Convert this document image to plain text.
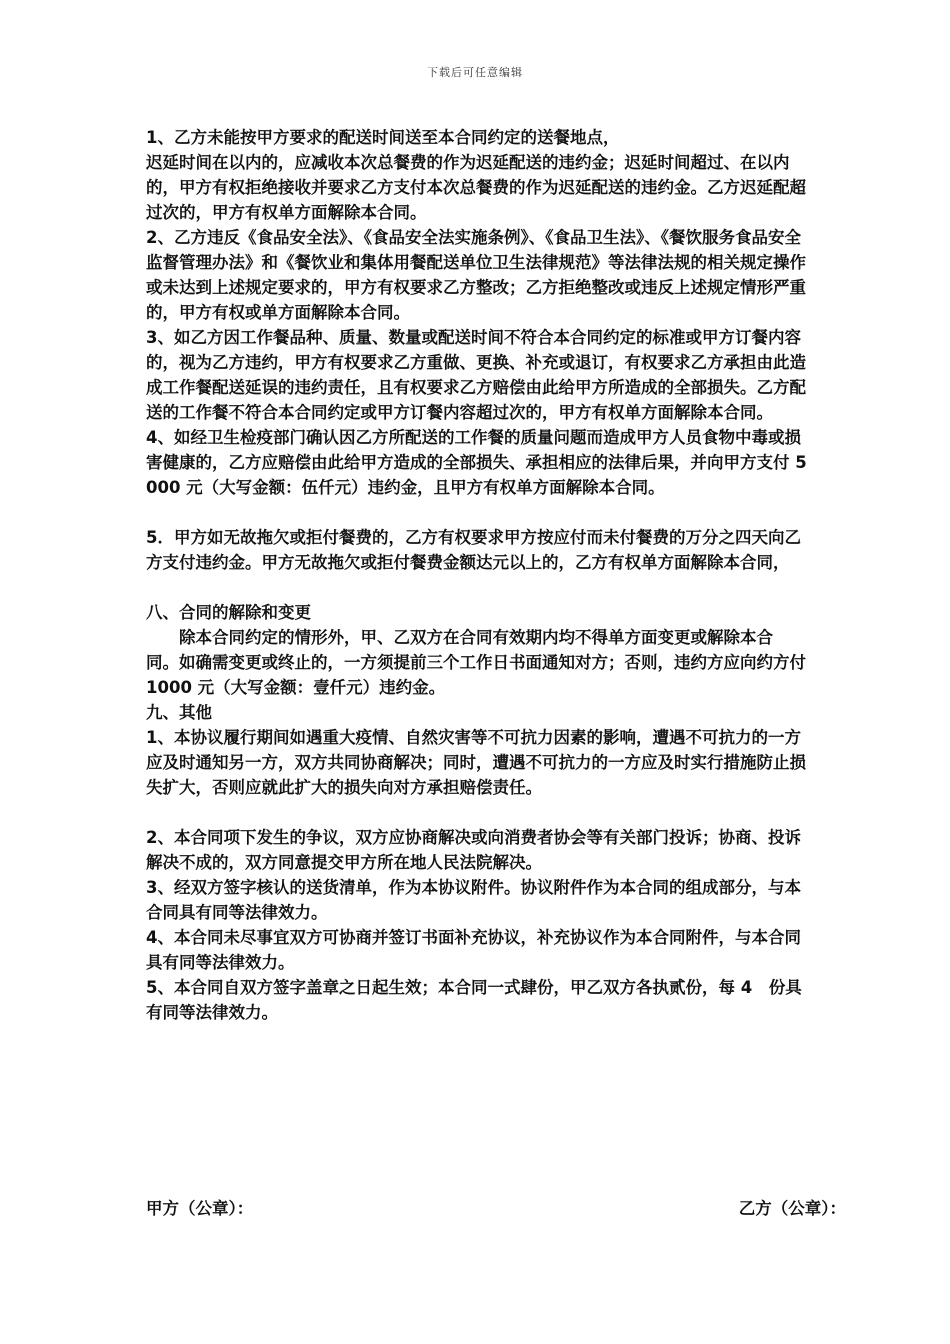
下载后可任意编辑

1、乙方未能按甲方要求的配送时间送至本合同约定的送餐地点，

迟延时间在以内的，应减收本次总餐费的作为迟延配送的违约金；迟延时间超过、在以内的，甲方有权拒绝接收并要求乙方支付本次总餐费的作为迟延配送的违约金。乙方迟延配超过次的，甲方有权单方面解除本合同。

2、乙方违反《食品安全法》、《食品安全法实施条例》、《食品卫生法》、《餐饮服务食品安全监督管理办法》和《餐饮业和集体用餐配送单位卫生法律规范》等法律法规的相关规定操作或未达到上述规定要求的，甲方有权要求乙方整改；乙方拒绝整改或违反上述规定情形严重的，甲方有权或单方面解除本合同。

3、如乙方因工作餐品种、质量、数量或配送时间不符合本合同约定的标准或甲方订餐内容的，视为乙方违约，甲方有权要求乙方重做、更换、补充或退订，有权要求乙方承担由此造成工作餐配送延误的违约责任，且有权要求乙方赔偿由此给甲方所造成的全部损失。乙方配送的工作餐不符合本合同约定或甲方订餐内容超过次的，甲方有权单方面解除本合同。

4、如经卫生检疫部门确认因乙方所配送的工作餐的质量问题而造成甲方人员食物中毒或损害健康的，乙方应赔偿由此给甲方造成的全部损失、承担相应的法律后果，并向甲方支付 5000 元（大写金额：伍仟元）违约金，且甲方有权单方面解除本合同。

5．甲方如无故拖欠或拒付餐费的，乙方有权要求甲方按应付而未付餐费的万分之四天向乙方支付违约金。甲方无故拖欠或拒付餐费金额达元以上的，乙方有权单方面解除本合同，

八、合同的解除和变更

除本合同约定的情形外，甲、乙双方在合同有效期内均不得单方面变更或解除本合

同。如确需变更或终止的，一方须提前三个工作日书面通知对方；否则，违约方应向约方付

1000 元（大写金额：壹仟元）违约金。

九、其他

1、本协议履行期间如遇重大疫情、自然灾害等不可抗力因素的影响，遭遇不可抗力的一方应及时通知另一方，双方共同协商解决；同时，遭遇不可抗力的一方应及时实行措施防止损失扩大，否则应就此扩大的损失向对方承担赔偿责任。

2、本合同项下发生的争议，双方应协商解决或向消费者协会等有关部门投诉；协商、投诉解决不成的，双方同意提交甲方所在地人民法院解决。

3、经双方签字核认的送货清单，作为本协议附件。协议附件作为本合同的组成部分，与本合同具有同等法律效力。

4、本合同未尽事宜双方可协商并签订书面补充协议，补充协议作为本合同附件，与本合同具有同等法律效力。

5、本合同自双方签字盖章之日起生效；本合同一式肆份，甲乙双方各执贰份，每 4　份具有同等法律效力。

甲方（公章）：	乙方（公章）：
